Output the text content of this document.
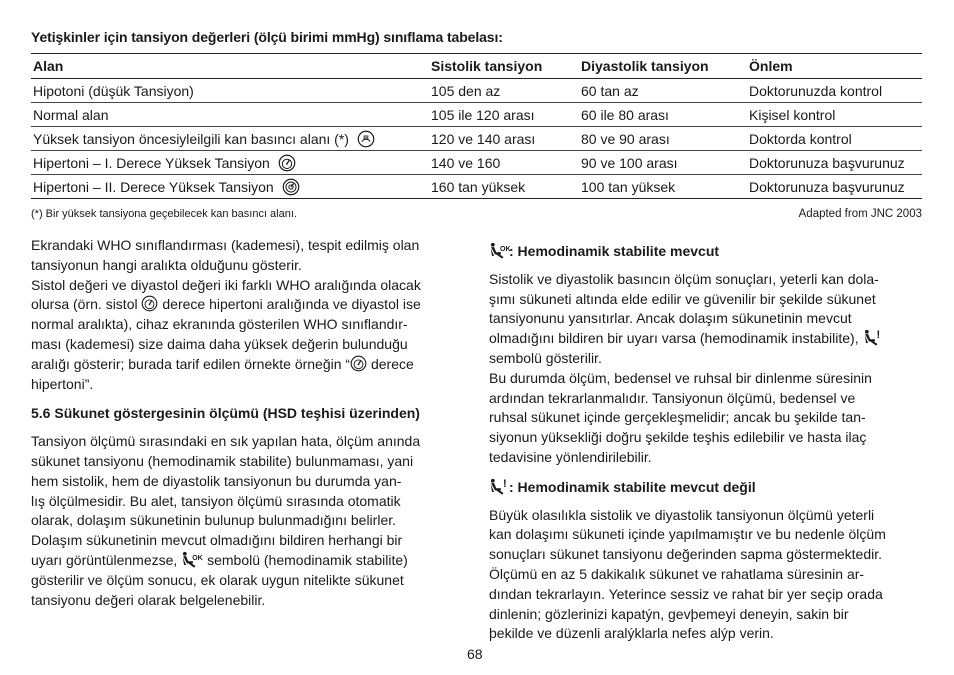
Yetişkinler için tansiyon değerleri (ölçü birimi mmHg) sınıflama tabelası:
Alan	Sistolik tansiyon	Diyastolik tansiyon	Önlem
Hipotoni (düşük Tansiyon)	105 den az	60 tan az	Doktorunuzda kontrol
Normal alan	105 ile 120 arası	60 ile 80 arası	Kişisel kontrol
Yüksek tansiyon öncesiyleilgili kan basıncı alanı (*)	120 ve 140 arası	80 ve 90 arası	Doktorda kontrol
Hipertoni – I. Derece Yüksek Tansiyon	140 ve 160	90 ve 100 arası	Doktorunuza başvurunuz
Hipertoni – II. Derece Yüksek Tansiyon	160 tan yüksek	100 tan yüksek	Doktorunuza başvurunuz
(*) Bir yüksek tansiyona geçebilecek kan basıncı alanı.	Adapted from JNC 2003

Ekrandaki WHO sınıflandırması (kademesi), tespit edilmiş olan
tansiyonun hangi aralıkta olduğunu gösterir.
Sistol değeri ve diyastol değeri iki farklı WHO aralığında olacak
olursa (örn. sistol  derece hipertoni aralığında ve diyastol ise
normal aralıkta), cihaz ekranında gösterilen WHO sınıflandır-
ması (kademesi) size daima daha yüksek değerin bulunduğu
aralığı gösterir; burada tarif edilen örnekte örneğin “ derece
hipertoni”.

5.6 Sükunet göstergesinin ölçümü (HSD teşhisi üzerinden)

Tansiyon ölçümü sırasındaki en sık yapılan hata, ölçüm anında
sükunet tansiyonu (hemodinamik stabilite) bulunmaması, yani
hem sistolik, hem de diyastolik tansiyonun bu durumda yan-
lış ölçülmesidir. Bu alet, tansiyon ölçümü sırasında otomatik
olarak, dolaşım sükunetinin bulunup bulunmadığını belirler.
Dolaşım sükunetinin mevcut olmadığını bildiren herhangi bir
uyarı görüntülenmezse, OK sembolü (hemodinamik stabilite)
gösterilir ve ölçüm sonucu, ek olarak uygun nitelikte sükunet
tansiyonu değeri olarak belgelenebilir.

OK
: Hemodinamik stabilite mevcut

Sistolik ve diyastolik basıncın ölçüm sonuçları, yeterli kan dola-
şımı sükuneti altında elde edilir ve güvenilir bir şekilde sükunet
tansiyonunu yansıtırlar. Ancak dolaşım sükunetinin mevcut
olmadığını bildiren bir uyarı varsa (hemodinamik instabilite), !

sembolü gösterilir.
Bu durumda ölçüm, bedensel ve ruhsal bir dinlenme süresinin
ardından tekrarlanmalıdır. Tansiyonun ölçümü, bedensel ve
ruhsal sükunet içinde gerçekleşmelidir; ancak bu şekilde tan-
siyonun yüksekliği doğru şekilde teşhis edilebilir ve hasta ilaç
tedavisine yönlendirilebilir.

! : Hemodinamik stabilite mevcut değil

Büyük olasılıkla sistolik ve diyastolik tansiyonun ölçümü yeterli
kan dolaşımı sükuneti içinde yapılmamıştır ve bu nedenle ölçüm
sonuçları sükunet tansiyonu değerinden sapma göstermektedir.
Ölçümü en az 5 dakikalık sükunet ve rahatlama süresinin ar-
dından tekrarlayın. Yeterince sessiz ve rahat bir yer seçip orada
dinlenin; gözlerinizi kapatýn, gevþemeyi deneyin, sakin bir
þekilde ve düzenli aralýklarla nefes alýp verin.

68
